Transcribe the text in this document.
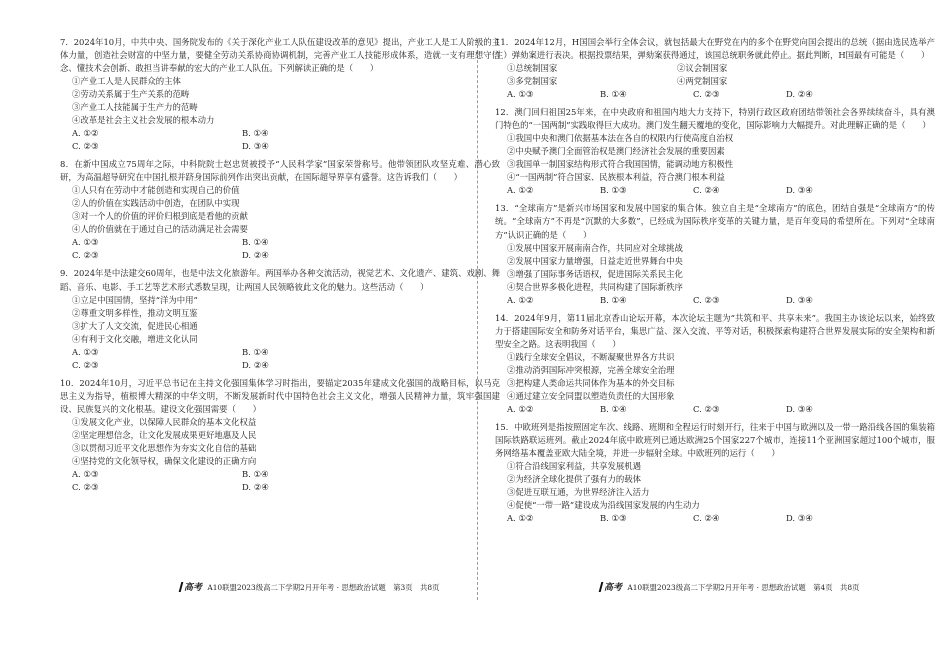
7．2024年10月，中共中央、国务院发布的《关于深化产业工人队伍建设改革的意见》提出，产业工人是工人阶级的主体力量，创造社会财富的中坚力量，要健全劳动关系协商协调机制，完善产业工人技能形成体系，造就一支有理想守信念、懂技术会创新、敢担当讲奉献的宏大的产业工人队伍。下列解读正确的是（　　）

①产业工人是人民群众的主体

②劳动关系属于生产关系的范畴

③产业工人技能属于生产力的范畴

④改革是社会主义社会发展的根本动力

A. ①②	B. ①④
C. ②③	D. ③④

8．在新中国成立75周年之际，中科院院士赵忠贤被授予“人民科学家”国家荣誉称号。他带领团队攻坚克难、潜心致研，为高温超导研究在中国扎根并跻身国际前列作出突出贡献，在国际超导界享有盛誉。这告诉我们（　　）

①人只有在劳动中才能创造和实现自己的价值

②人的价值在实践活动中创造，在团队中实现

③对一个人的价值的评价归根到底是看他的贡献

④人的价值就在于通过自己的活动满足社会需要

A. ①③	B. ①④
C. ②③	D. ②④

9．2024年是中法建交60周年，也是中法文化旅游年。两国举办各种交流活动，视觉艺术、文化遗产、建筑、戏剧、舞蹈、音乐、电影、手工艺等艺术形式悉数呈现，让两国人民领略彼此文化的魅力。这些活动（　　）

①立足中国国情，坚持“洋为中用”

②尊重文明多样性，推动文明互鉴

③扩大了人文交流，促进民心相通

④有利于文化交融，增进文化认同

A. ①③	B. ①④
C. ②③	D. ②④

10．2024年10月，习近平总书记在主持文化强国集体学习时指出，要锚定2035年建成文化强国的战略目标，以马克思主义为指导，植根博大精深的中华文明，不断发展新时代中国特色社会主义文化，增强人民精神力量，筑牢强国建设、民族复兴的文化根基。建设文化强国需要（　　）

①发展文化产业，以保障人民群众的基本文化权益

②坚定理想信念，让文化发展成果更好地惠及人民

③以贯彻习近平文化思想作为夯实文化自信的基础

④坚持党的文化领导权，确保文化建设的正确方向

A. ①③	B. ①④
C. ②③	D. ②④

11．2024年12月，H国国会举行全体会议，就包括最大在野党在内的多个在野党向国会提出的总统（据由选民选举产生）弹劾案进行表决。根据投票结果，弹劾案获得通过，该国总统职务就此停止。据此判断，H国最有可能是（　　）

①总统制国家	②议会制国家
③多党制国家	④两党制国家
A. ①③	B. ①④	C. ②③	D. ②④

12．澳门回归祖国25年来，在中央政府和祖国内地大力支持下，特别行政区政府团结带领社会各界续续奋斗，具有澳门特色的“一国两制”实践取得巨大成功。澳门发生翻天覆地的变化，国际影响力大幅提升。对此理解正确的是（　　）

①我国中央和澳门依据基本法在各自的权限内行使高度自治权

②中央赋予澳门全面管治权是澳门经济社会发展的重要因素

③我国单一制国家结构形式符合我国国情，能调动地方积极性

④“一国两制”符合国家、民族根本利益，符合澳门根本利益

A. ①②	B. ①③	C. ②④	D. ③④

13．“全球南方”是新兴市场国家和发展中国家的集合体。独立自主是“全球南方”的底色，团结自强是“全球南方”的传统。“全球南方”不再是“沉默的大多数”，已经成为国际秩序变革的关键力量，是百年变局的希望所在。下列对“全球南方”认识正确的是（　　）

①发展中国家开展南南合作，共同应对全球挑战

②发展中国家力量增强，日益走近世界舞台中央

③增强了国际事务话语权，促进国际关系民主化

④契合世界多极化进程，共同构建了国际新秩序

A. ①②	B. ①④	C. ②③	D. ③④

14．2024年9月，第11届北京香山论坛开幕，本次论坛主题为“共筑和平、共享未来”。我国主办该论坛以来，始终致力于搭建国际安全和防务对话平台，集思广益、深入交流、平等对话，积极探索构建符合世界发展实际的安全架构和新型安全之路。这表明我国（　　）

①践行全球安全倡议，不断凝聚世界各方共识

②推动消弭国际冲突根源，完善全球安全治理

③把构建人类命运共同体作为基本的外交目标

④通过建立安全同盟以塑造负责任的大国形象

A. ①②	B. ①④	C. ②③	D. ③④

15．中欧班列是指按照固定车次、线路、班期和全程运行时刻开行，往来于中国与欧洲以及一带一路沿线各国的集装箱国际铁路联运班列。截止2024年底中欧班列已通达欧洲25个国家227个城市，连接11个亚洲国家超过100个城市，服务网络基本覆盖亚欧大陆全境，并进一步辐射全球。中欧班列的运行（　　）

①符合沿线国家利益，共享发展机遇

②为经济全球化提供了强有力的载体

③促进互联互通，为世界经济注入活力

④促使“一带一路”建设成为沿线国家发展的内生动力

A. ①②	B. ①③	C. ②④	D. ③④
高考 A10联盟2023级高二下学期2月开年考 · 思想政治试题　第3页　共8页	高考 A10联盟2023级高二下学期2月开年考 · 思想政治试题　第4页　共8页
